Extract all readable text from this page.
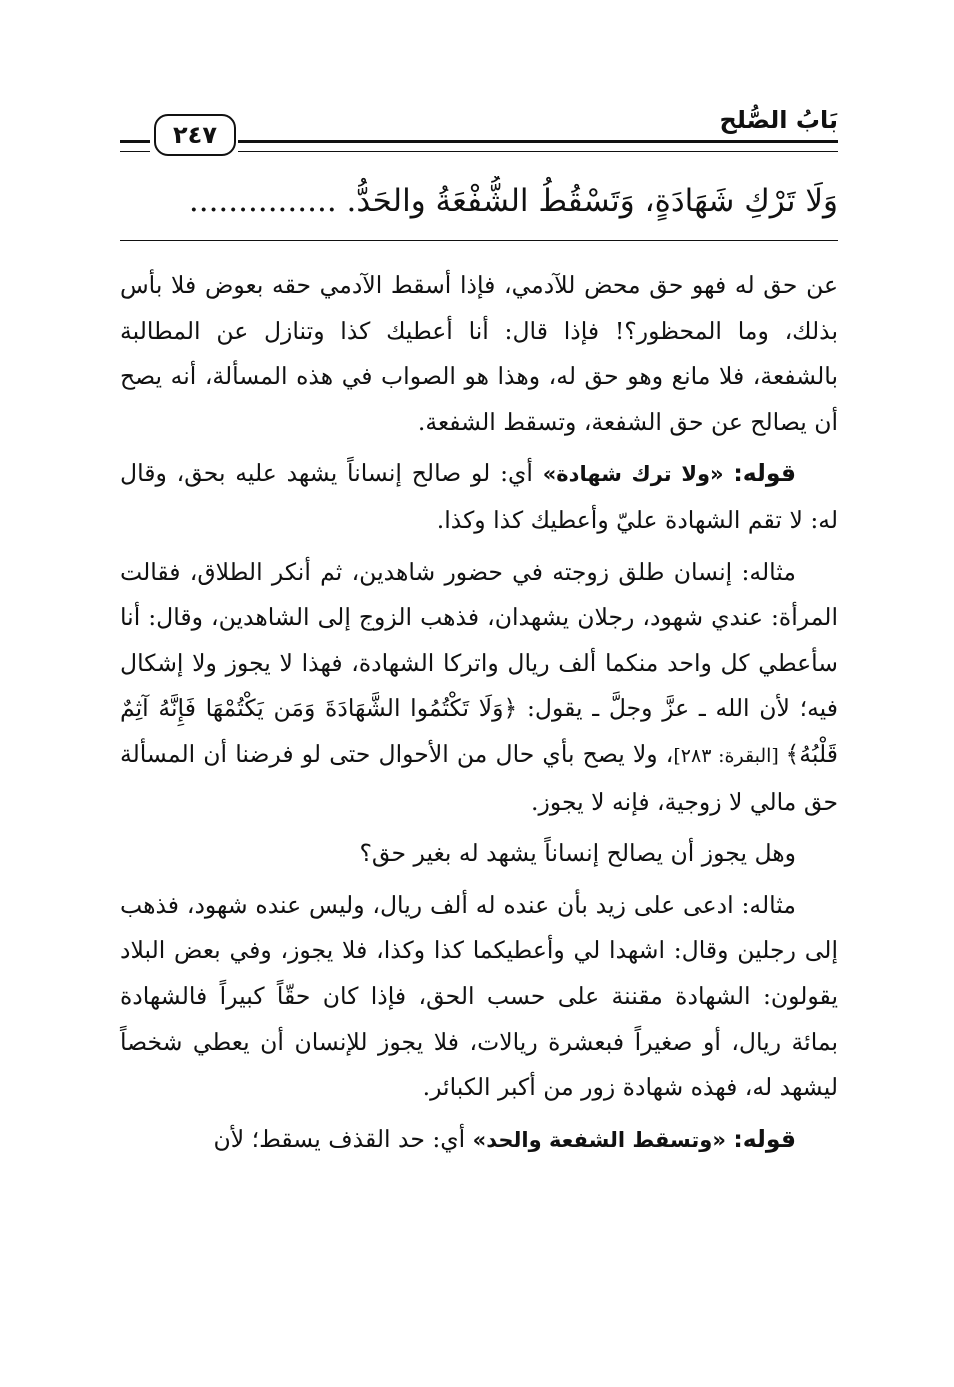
بَابُ الصُّلح
٢٤٧
وَلَا تَرْكِ شَهَادَةٍ، وَتَسْقُطُ الشُّفْعَةُ والحَدُّ. ...............

عن حق له فهو حق محض للآدمي، فإذا أسقط الآدمي حقه بعوض فلا بأس بذلك، وما المحظور؟! فإذا قال: أنا أعطيك كذا وتنازل عن المطالبة بالشفعة، فلا مانع وهو حق له، وهذا هو الصواب في هذه المسألة، أنه يصح أن يصالح عن حق الشفعة، وتسقط الشفعة.

قوله: «ولا ترك شهادة» أي: لو صالح إنساناً يشهد عليه بحق، وقال له: لا تقم الشهادة عليّ وأعطيك كذا وكذا.

مثاله: إنسان طلق زوجته في حضور شاهدين، ثم أنكر الطلاق، فقالت المرأة: عندي شهود، رجلان يشهدان، فذهب الزوج إلى الشاهدين، وقال: أنا سأعطي كل واحد منكما ألف ريال واتركا الشهادة، فهذا لا يجوز ولا إشكال فيه؛ لأن الله ـ عزَّ وجلَّ ـ يقول: ﴿وَلَا تَكْتُمُوا الشَّهَادَةَ وَمَن يَكْتُمْهَا فَإِنَّهُ آثِمٌ قَلْبُهُ﴾ [البقرة: ٢٨٣]، ولا يصح بأي حال من الأحوال حتى لو فرضنا أن المسألة حق مالي لا زوجية، فإنه لا يجوز.

وهل يجوز أن يصالح إنساناً يشهد له بغير حق؟

مثاله: ادعى على زيد بأن عنده له ألف ريال، وليس عنده شهود، فذهب إلى رجلين وقال: اشهدا لي وأعطيكما كذا وكذا، فلا يجوز، وفي بعض البلاد يقولون: الشهادة مقننة على حسب الحق، فإذا كان حقّاً كبيراً فالشهادة بمائة ريال، أو صغيراً فبعشرة ريالات، فلا يجوز للإنسان أن يعطي شخصاً ليشهد له، فهذه شهادة زور من أكبر الكبائر.

قوله: «وتسقط الشفعة والحد» أي: حد القذف يسقط؛ لأن
